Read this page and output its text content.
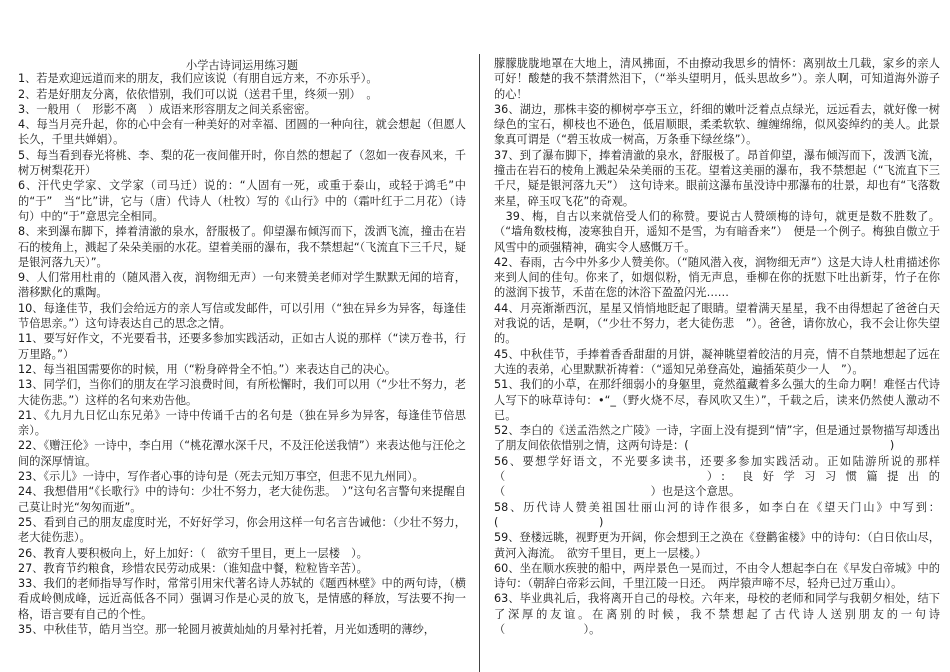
小学古诗词运用练习题

1、若是欢迎远道而来的朋友，我们应该说（有朋自远方来，不亦乐乎）。

2、若是好朋友分离，依依惜别，我们可以说（送君千里，终须一别）　。

3、一般用（　形影不离　）成语来形容朋友之间关系密密。

4、每当月亮升起，你的心中会有一种美好的对幸福、团圆的一种向往，就会想起（但愿人长久，千里共婵娟）。

5、每当看到春光将桃、李、梨的花一夜间催开时，你自然的想起了（忽如一夜春风来，千树万树梨花开）

6、汗代史学家、文学家（司马迁）说的：“人固有一死，或重于泰山，或轻于鸿毛”中的“于”　当“比”讲，它与（唐）代诗人（杜牧）写的《山行》中的（霜叶红于二月花）（诗句）中的“于”意思完全相同。

8、来到瀑布脚下，捧着清澈的泉水，舒服极了。仰望瀑布倾泻而下，泼洒飞流，撞击在岩石的棱角上，溅起了朵朵美丽的水花。望着美丽的瀑布，我不禁想起“（飞流直下三千尺，疑是银河落九天）”。

9、人们常用杜甫的（随风潜入夜，润物细无声）一句来赞美老师对学生默默无闻的培育，潜移默化的熏陶。

10、每逢佳节，我们会给远方的亲人写信或发邮件，可以引用（“独在异乡为异客，每逢佳节倍思亲。”）这句诗表达自己的思念之情。

11、要写好作文，不光要看书，还要多参加实践活动，正如古人说的那样（“读万卷书，行万里路。”）

12、每当祖国需要你的时候，用（“粉身碎骨全不怕。”）来表达自己的决心。

13、同学们，当你们的朋友在学习浪费时间，有所松懈时，我们可以用（“少壮不努力，老大徒伤悲。”）这样的名句来劝告他。

21、《九月九日忆山东兄弟》一诗中传诵千古的名句是（独在异乡为异客，每逢佳节倍思亲）。

22、《赠汪伦》一诗中，李白用（“桃花潭水深千尺，不及汪伦送我情”）来表达他与汪伦之间的深厚情谊。

23、《示儿》一诗中，写作者心事的诗句是（死去元知万事空，但悲不见九州同）。

24、我想借用“《长歌行》中的诗句：少壮不努力，老大徒伤悲。　）”这句名言警句来提醒自己莫让时光“匆匆而逝”。

25、看到自己的朋友虚度时光，不好好学习，你会用这样一句名言告诫他：（少壮不努力，老大徒伤悲）。

26、教育人要积极向上，好上加好：（　欲穷千里目，更上一层楼　）。

27、教育节约粮食，珍惜农民劳动成果：（谁知盘中餐，粒粒皆辛苦）。

33、我们的老师指导写作时，常常引用宋代著名诗人苏轼的《题西林壁》中的两句诗，（横看成岭侧成峰，远近高低各不同）强调习作是心灵的放飞，是情感的释放，写法要不拘一格，语言要有自己的个性。

35、中秋佳节，皓月当空。那一轮圆月被黄灿灿的月晕衬托着，月光如透明的薄纱，

朦朦胧胧地罩在大地上，清风拂面，不由撩动我思乡的情怀：离别故土几载，家乡的亲人可好！酸楚的我不禁潸然泪下，（“举头望明月，低头思故乡”）。亲人啊，可知道海外游子的心！

36、湖边，那株丰姿的柳树亭亭玉立，纤细的嫩叶泛着点点绿光，远远看去，就好像一树绿色的宝石，柳枝也不逊色，低眉顺眼，柔柔软软、缠缠绵绵，似风姿绰约的美人。此景象真可谓是（“碧玉妆成一树高，万条垂下绿丝绦”）。

37、到了瀑布脚下，捧着清澈的泉水，舒服极了。昂首仰望，瀑布倾泻而下，泼洒飞流，撞击在岩石的棱角上溅起朵朵美丽的玉花。望着这美丽的瀑布，我不禁想起（“飞流直下三千尺，疑是银河落九天”）　这句诗来。眼前这瀑布虽没诗中那瀑布的壮景，却也有“飞落数来星，碎玉叹飞花”的奇观。

　39、梅，自古以来就倍受人们的称赞。要说古人赞颂梅的诗句，就更是数不胜数了。（“墙角数枝梅，凌寒独自开，遥知不是雪，为有暗香来”）　便是一个例子。梅独自傲立于风雪中的顽强精神，确实令人感慨万千。

42、春雨，古今中外多少人赞美你。（“随风潜入夜，润物细无声”）这是大诗人杜甫描述你来到人间的佳句。你来了，如烟似粉，悄无声息，垂柳在你的抚慰下吐出新芽，竹子在你的滋润下拔节，禾苗在您的沐浴下盈盈闪光……

44、月亮渐渐西沉，星星又悄悄地眨起了眼睛。望着满天星星，我不由得想起了爸爸白天对我说的话，是啊，（“少壮不努力，老大徒伤悲　”）。爸爸，请你放心，我不会让你失望的。

45、中秋佳节，手捧着香香甜甜的月饼，凝神眺望着皎洁的月亮，情不自禁地想起了远在大连的表弟，心里默默祈祷着：（“遥知兄弟登高处，遍插茱萸少一人　”）。

51、我们的小草，在那纤细弱小的身躯里，竟然蕴藏着多么强大的生命力啊！难怪古代诗人写下的咏草诗句：•“_（野火烧不尽，春风吹又生）”，千载之后，读来仍然使人激动不已。

52、李白的《送孟浩然之广陵》一诗，字面上没有提到“情”字，但是通过景物描写却透出了朋友间依依惜别之情，这两句诗是：(　　　　　　　　　　　　　　　　　　)

56、要想学好语文，不光要多读书，还要多参加实践活动。正如陆游所说的那样（　　　　　　　　　　　　　　）:　良 好 学 习 习 惯 篇 提 出 的（　　　　　　　　　　　　　）也是这个意思。

58、历代诗人赞美祖国壮丽山河的诗作很多，如李白在《望天门山》中写到：(　　　　　　　　　)

59、登楼远眺，视野更为开阔，你会想到王之涣在《登鹳雀楼》中的诗句：（白日依山尽，黄河入海流。　欲穷千里目，更上一层楼。）

60、坐在顺水疾驶的船中，两岸景色一晃而过，不由令人想起李白在《早发白帝城》中的诗句：（朝辞白帝彩云间，千里江陵一日还。　两岸猿声啼不尽，轻舟已过万重山）。

63、毕业典礼后，我将离开自己的母校。六年来，母校的老师和同学与我朝夕相处，结下了深厚的友谊。在离别的时候，我不禁想起了古代诗人送别朋友的一句诗（　　　　　　　）。
